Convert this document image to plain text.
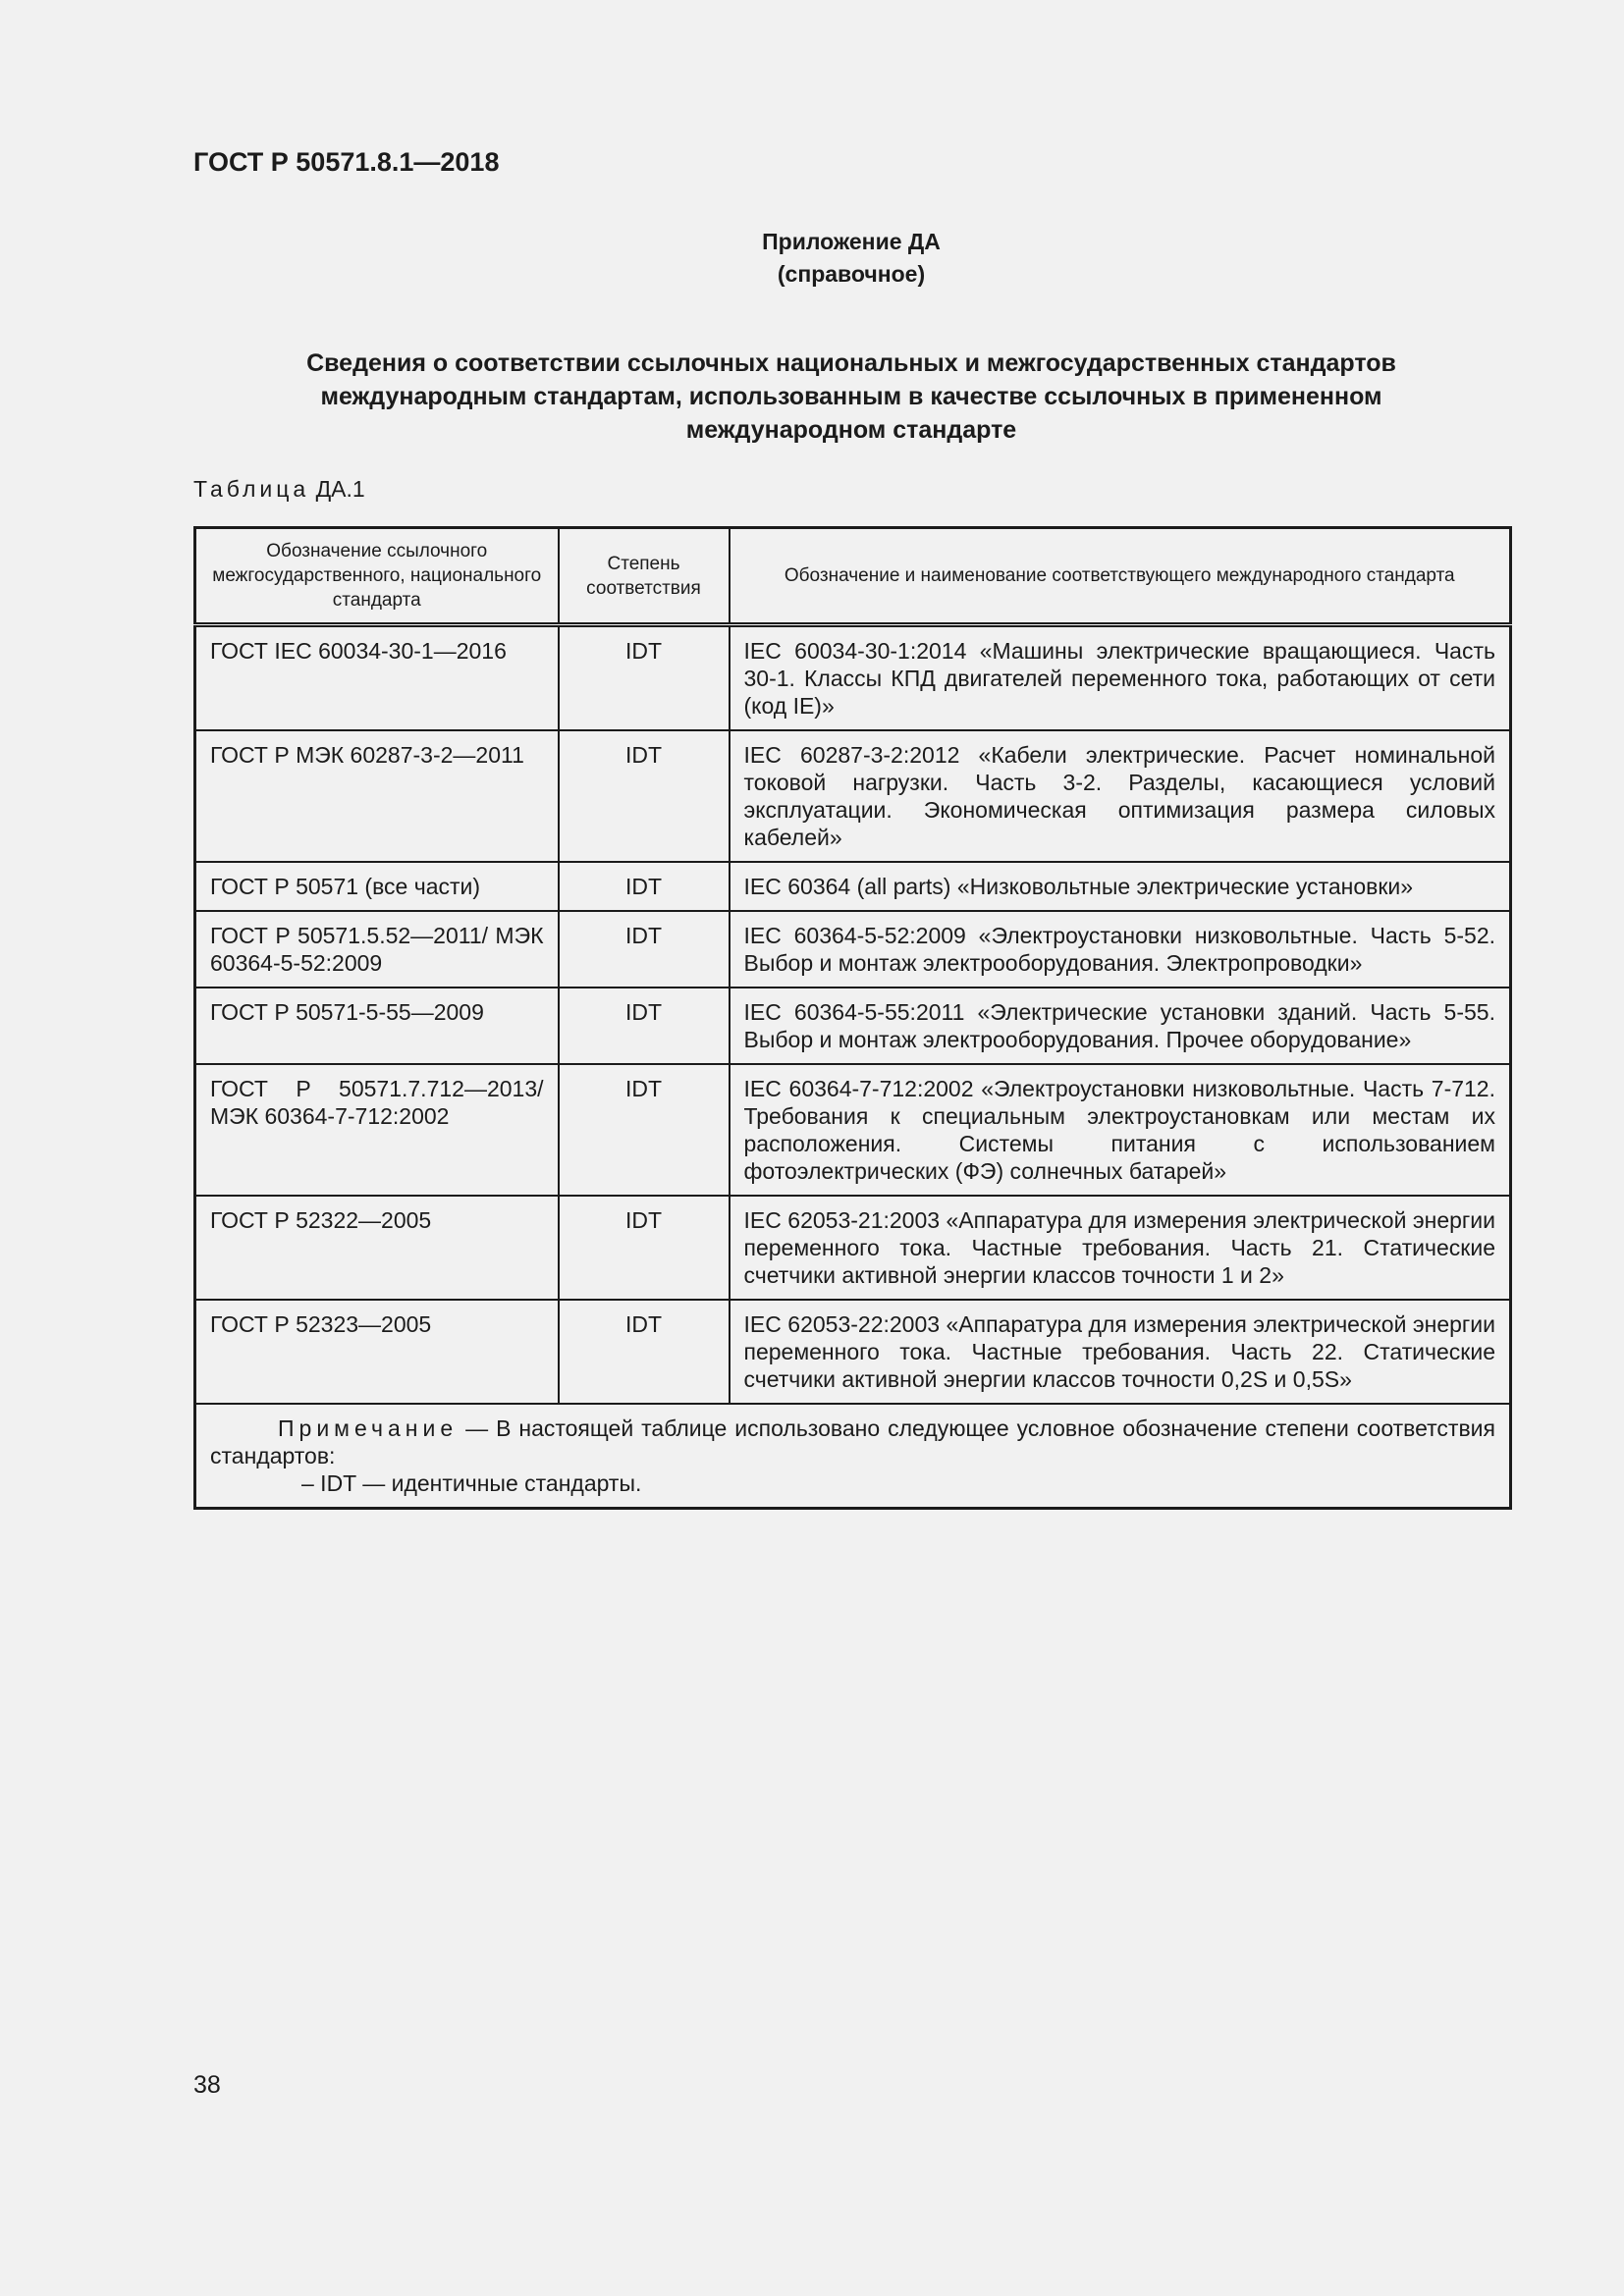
ГОСТ Р 50571.8.1—2018
Приложение ДА
(справочное)
Сведения о соответствии ссылочных национальных и межгосударственных стандартов
международным стандартам, использованным в качестве ссылочных в примененном
международном стандарте
Таблица ДА.1
Обозначение ссылочного межгосударственного, национального стандарта	Степень соответствия	Обозначение и наименование соответствующего международного стандарта
ГОСТ IEC 60034-30-1—2016	IDT	IEC 60034-30-1:2014 «Машины электрические вращающиеся. Часть 30-1. Классы КПД двигателей переменного тока, работающих от сети (код IE)»
ГОСТ Р МЭК 60287-3-2—2011	IDT	IEC 60287-3-2:2012 «Кабели электрические. Расчет номинальной токовой нагрузки. Часть 3-2. Разделы, касающиеся условий эксплуатации. Экономическая оптимизация размера силовых кабелей»
ГОСТ Р 50571 (все части)	IDT	IEC 60364 (all parts) «Низковольтные электрические установки»
ГОСТ Р 50571.5.52—2011/ МЭК 60364-5-52:2009	IDT	IEC 60364-5-52:2009 «Электроустановки низковольтные. Часть 5-52. Выбор и монтаж электрооборудования. Электропроводки»
ГОСТ Р 50571-5-55—2009	IDT	IEC 60364-5-55:2011 «Электрические установки зданий. Часть 5-55. Выбор и монтаж электрооборудования. Прочее оборудование»
ГОСТ Р 50571.7.712—2013/ МЭК 60364-7-712:2002	IDT	IEC 60364-7-712:2002 «Электроустановки низковольтные. Часть 7-712. Требования к специальным электроустановкам или местам их расположения. Системы питания с использованием фотоэлектрических (ФЭ) солнечных батарей»
ГОСТ Р 52322—2005	IDT	IEC 62053-21:2003 «Аппаратура для измерения электрической энергии переменного тока. Частные требования. Часть 21. Статические счетчики активной энергии классов точности 1 и 2»
ГОСТ Р 52323—2005	IDT	IEC 62053-22:2003 «Аппаратура для измерения электрической энергии переменного тока. Частные требования. Часть 22. Статические счетчики активной энергии классов точности 0,2S и 0,5S»

Примечание — В настоящей таблице использовано следующее условное обозначение степени соответствия стандартов:
– IDT — идентичные стандарты.		
38
